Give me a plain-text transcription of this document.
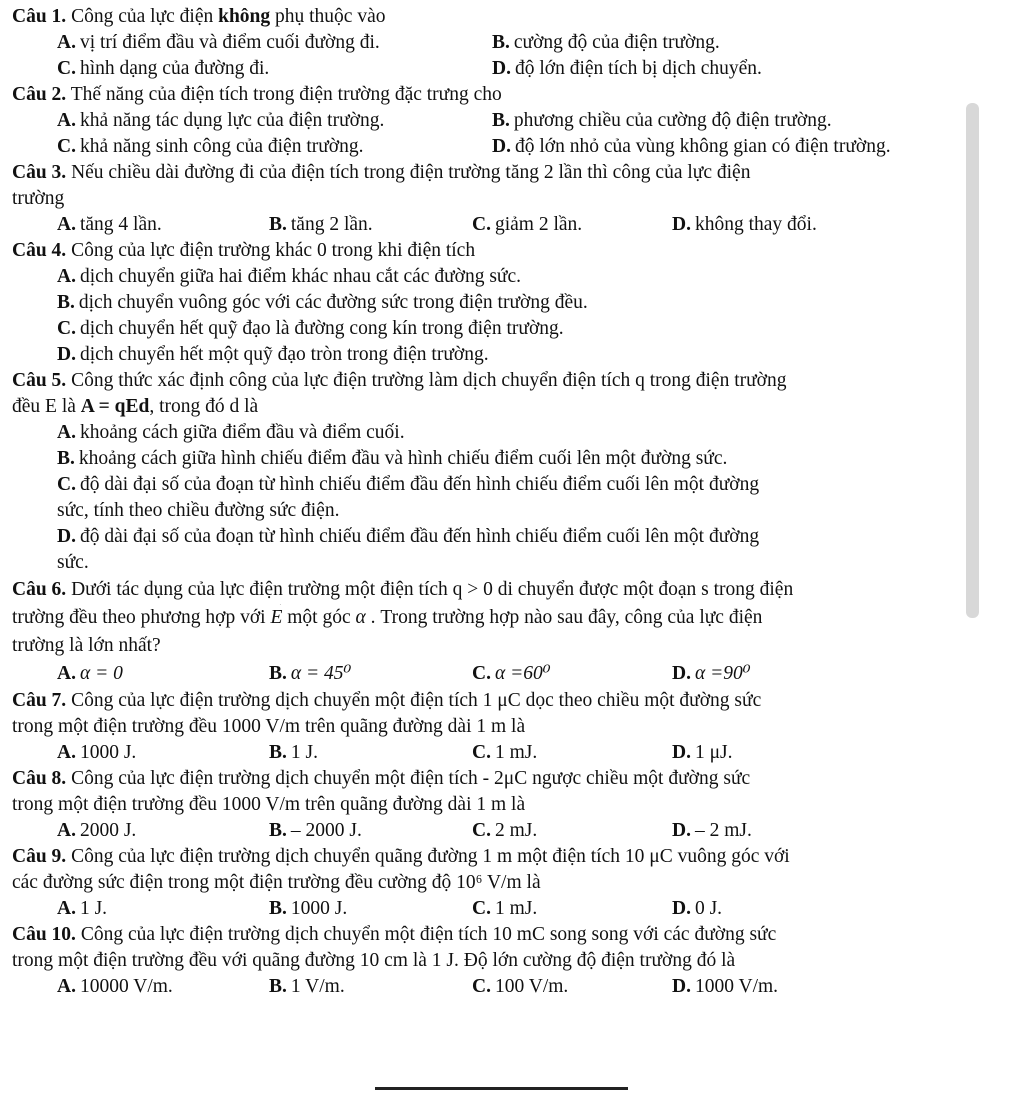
Câu 1. Công của lực điện không phụ thuộc vào
A. vị trí điểm đầu và điểm cuối đường đi.	B. cường độ của điện trường.
C. hình dạng của đường đi.	D. độ lớn điện tích bị dịch chuyển.
Câu 2. Thế năng của điện tích trong điện trường đặc trưng cho
A. khả năng tác dụng lực của điện trường.	B. phương chiều của cường độ điện trường.
C. khả năng sinh công của điện trường.	D. độ lớn nhỏ của vùng không gian có điện trường.
Câu 3. Nếu chiều dài đường đi của điện tích trong điện trường tăng 2 lần thì công của lực điện
trường
A. tăng 4 lần.	B. tăng 2 lần.	C. giảm 2 lần.	D. không thay đổi.
Câu 4. Công của lực điện trường khác 0 trong khi điện tích
A. dịch chuyển giữa hai điểm khác nhau cắt các đường sức.
B. dịch chuyển vuông góc với các đường sức trong điện trường đều.
C. dịch chuyển hết quỹ đạo là đường cong kín trong điện trường.
D. dịch chuyển hết một quỹ đạo tròn trong điện trường.
Câu 5. Công thức xác định công của lực điện trường làm dịch chuyển điện tích q trong điện trường
đều E là A = qEd, trong đó d là
A. khoảng cách giữa điểm đầu và điểm cuối.
B. khoảng cách giữa hình chiếu điểm đầu và hình chiếu điểm cuối lên một đường sức.
C. độ dài đại số của đoạn từ hình chiếu điểm đầu đến hình chiếu điểm cuối lên một đường
sức, tính theo chiều đường sức điện.
D. độ dài đại số của đoạn từ hình chiếu điểm đầu đến hình chiếu điểm cuối lên một đường
sức.
Câu 6. Dưới tác dụng của lực điện trường một điện tích q > 0 di chuyển được một đoạn s trong điện
trường đều theo phương hợp với → E một góc α . Trong trường hợp nào sau đây, công của lực điện
trường là lớn nhất?
A. α = 0	B. α = 45⁰	C. α =60⁰	D. α =90⁰
Câu 7. Công của lực điện trường dịch chuyển một điện tích 1 μC dọc theo chiều một đường sức
trong một điện trường đều 1000 V/m trên quãng đường dài 1 m là
A. 1000 J.	B. 1 J.	C. 1 mJ.	D. 1 μJ.
Câu 8. Công của lực điện trường dịch chuyển một điện tích - 2μC ngược chiều một đường sức
trong một điện trường đều 1000 V/m trên quãng đường dài 1 m là
A. 2000 J.	B. – 2000 J.	C. 2 mJ.	D. – 2 mJ.
Câu 9. Công của lực điện trường dịch chuyển quãng đường 1 m một điện tích 10 μC vuông góc với
các đường sức điện trong một điện trường đều cường độ 10⁶ V/m là
A. 1 J.	B. 1000 J.	C. 1 mJ.	D. 0 J.
Câu 10. Công của lực điện trường dịch chuyển một điện tích 10 mC song song với các đường sức
trong một điện trường đều với quãng đường 10 cm là 1 J. Độ lớn cường độ điện trường đó là
A. 10000 V/m.	B. 1 V/m.	C. 100 V/m.	D. 1000 V/m.
